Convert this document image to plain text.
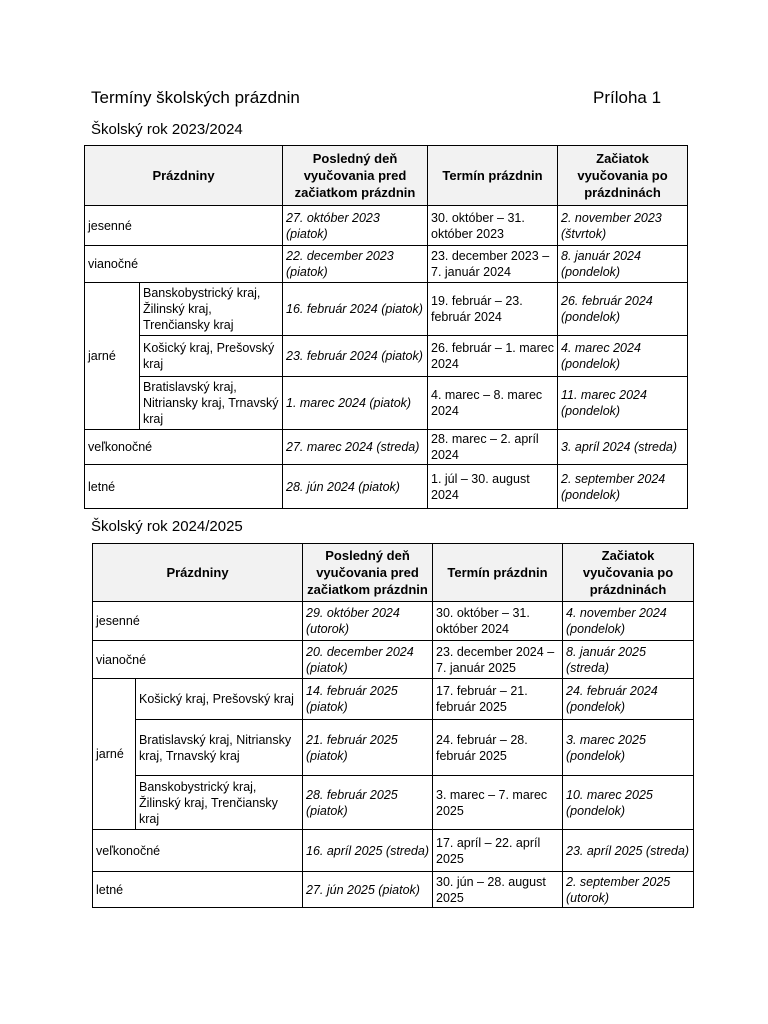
Termíny školských prázdnin	Príloha 1
Školský rok 2023/2024
Prázdniny		Posledný deň vyučovania pred začiatkom prázdnin	Termín prázdnin	Začiatok vyučovania po prázdninách
jesenné		27. október 2023 (piatok)	30. október – 31. október 2023	2. november 2023 (štvrtok)
vianočné		22. december 2023 (piatok)	23. december 2023 – 7. január 2024	8. január 2024 (pondelok)
jarné	Banskobystrický kraj, Žilinský kraj, Trenčiansky kraj	16. február 2024 (piatok)	19. február – 23. február 2024	26. február 2024 (pondelok)
	Košický kraj, Prešovský kraj	23. február 2024 (piatok)	26. február – 1. marec 2024	4. marec 2024 (pondelok)
	Bratislavský kraj, Nitriansky kraj, Trnavský kraj	1. marec 2024 (piatok)	4. marec – 8. marec 2024	11. marec 2024 (pondelok)
veľkonočné		27. marec 2024 (streda)	28. marec – 2. apríl 2024	3. apríl 2024 (streda)
letné		28. jún 2024 (piatok)	1. júl – 30. august 2024	2. september 2024 (pondelok)
Školský rok 2024/2025
Prázdniny		Posledný deň vyučovania pred začiatkom prázdnin	Termín prázdnin	Začiatok vyučovania po prázdninách
jesenné		29. október 2024 (utorok)	30. október – 31. október 2024	4. november 2024 (pondelok)
vianočné		20. december 2024 (piatok)	23. december 2024 – 7. január 2025	8. január 2025 (streda)
jarné	Košický kraj, Prešovský kraj	14. február 2025 (piatok)	17. február – 21. február 2025	24. február 2024 (pondelok)
	Bratislavský kraj, Nitriansky kraj, Trnavský kraj	21. február 2025 (piatok)	24. február – 28. február 2025	3. marec 2025 (pondelok)
	Banskobystrický kraj, Žilinský kraj, Trenčiansky kraj	28. február 2025 (piatok)	3. marec – 7. marec 2025	10. marec 2025 (pondelok)
veľkonočné		16. apríl 2025 (streda)	17. apríl – 22. apríl 2025	23. apríl 2025 (streda)
letné		27. jún 2025 (piatok)	30. jún – 28. august 2025	2. september 2025 (utorok)
